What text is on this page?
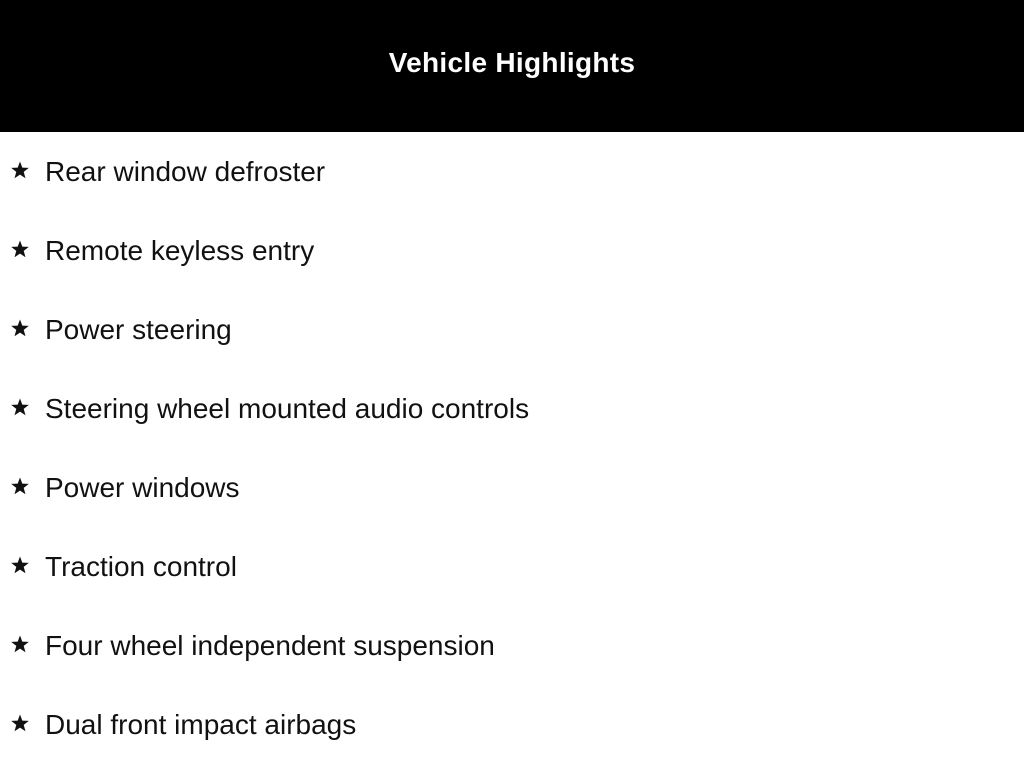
Vehicle Highlights
Rear window defroster
Remote keyless entry
Power steering
Steering wheel mounted audio controls
Power windows
Traction control
Four wheel independent suspension
Dual front impact airbags
